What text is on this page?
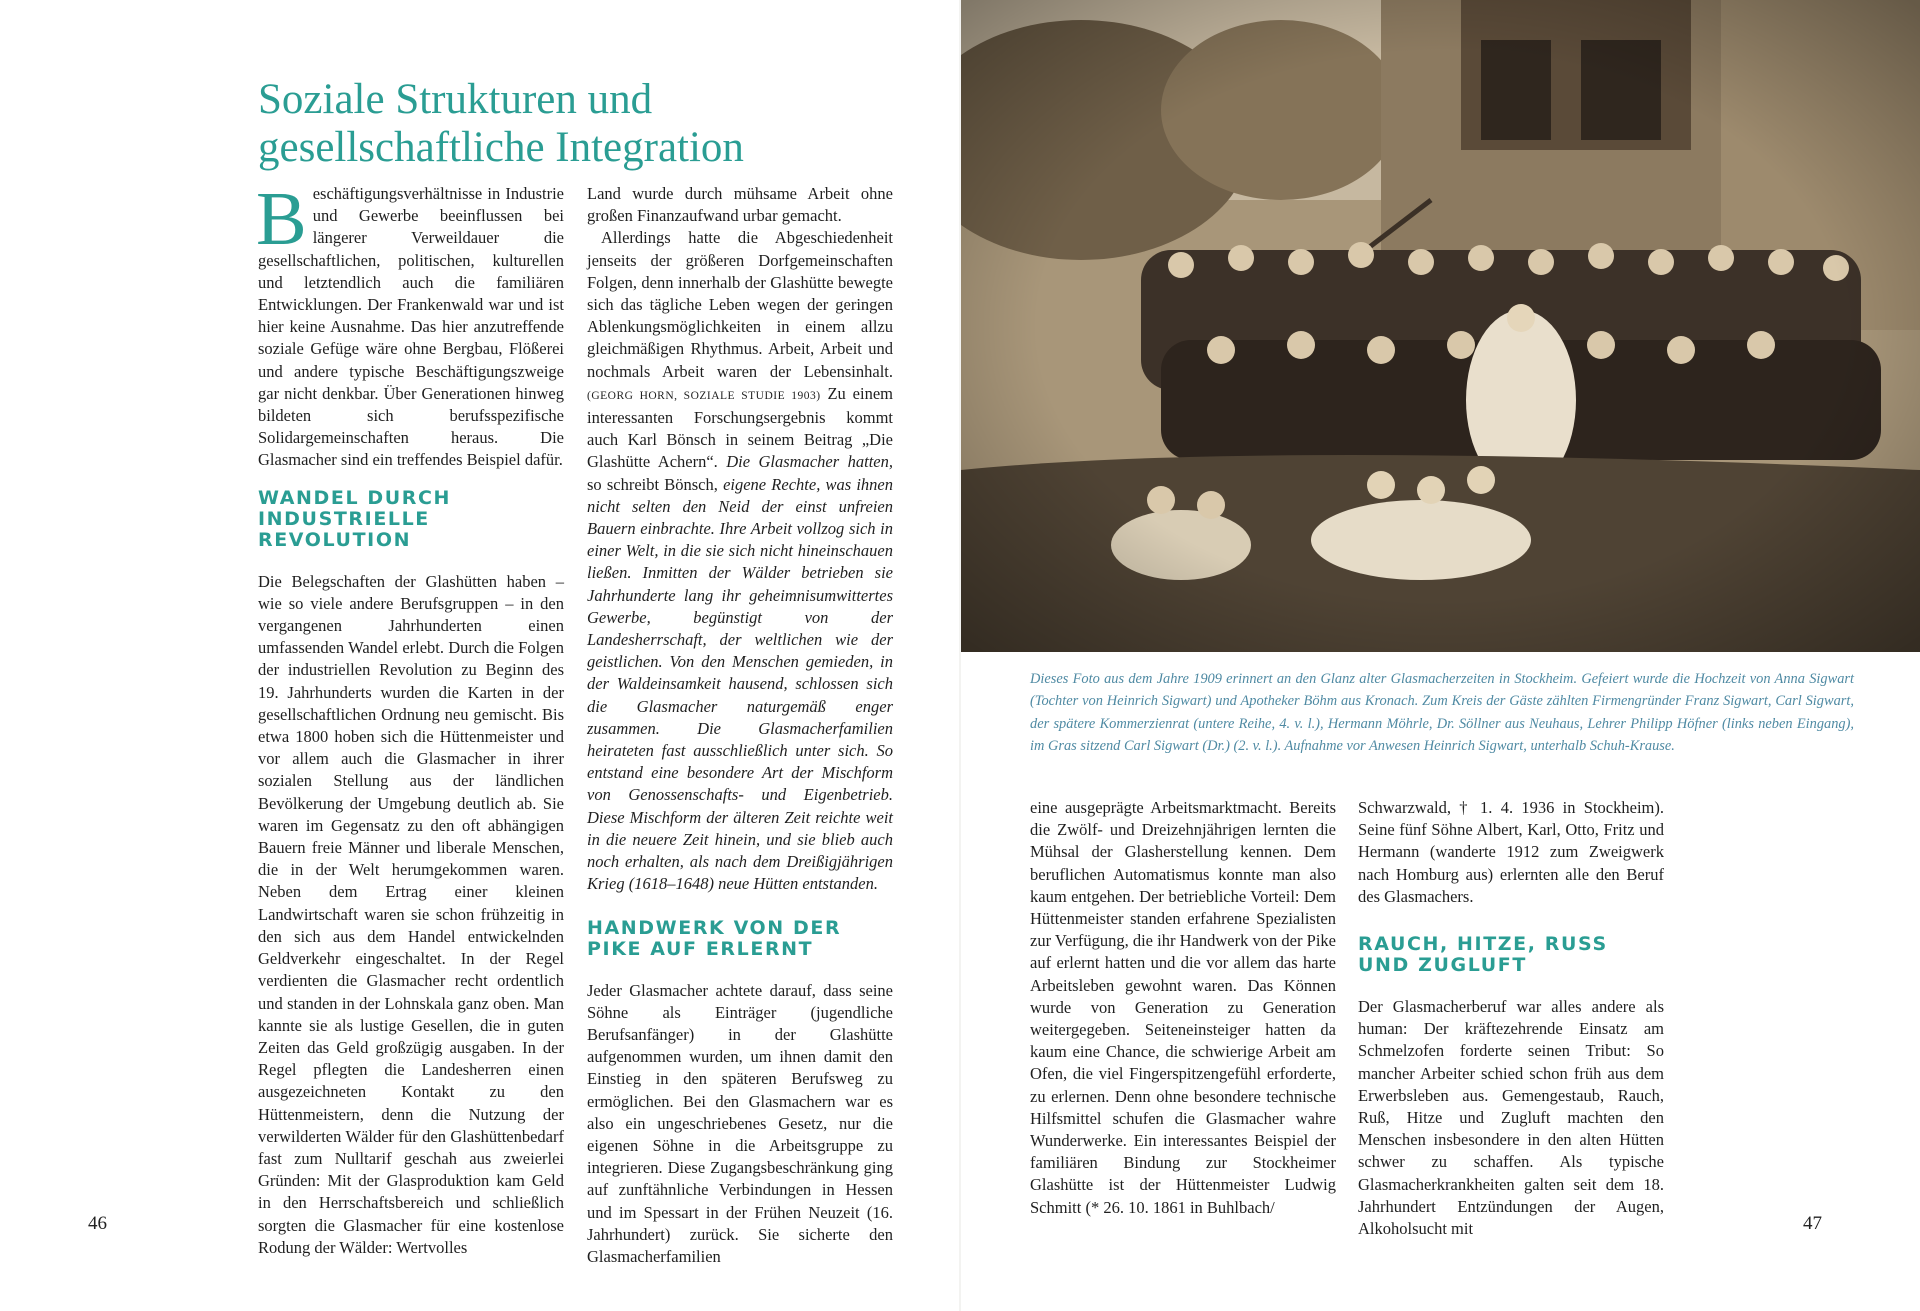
Soziale Strukturen und
gesellschaftliche Integration

Beschäftigungsverhältnisse in Industrie und Gewerbe beeinflussen bei längerer Verweildauer die gesellschaftlichen, politischen, kulturellen und letztendlich auch die familiären Entwicklungen. Der Frankenwald war und ist hier keine Ausnahme. Das hier anzutreffende soziale Gefüge wäre ohne Bergbau, Flößerei und andere typische Beschäftigungszweige gar nicht denkbar. Über Generationen hinweg bildeten sich berufsspezifische Solidargemeinschaften heraus. Die Glasmacher sind ein treffendes Beispiel dafür.

WANDEL DURCH INDUSTRIELLE REVOLUTION

Die Belegschaften der Glashütten haben – wie so viele andere Berufsgruppen – in den vergangenen Jahrhunderten einen umfassenden Wandel erlebt. Durch die Folgen der industriellen Revolution zu Beginn des 19. Jahrhunderts wurden die Karten in der gesellschaftlichen Ordnung neu gemischt. Bis etwa 1800 hoben sich die Hüttenmeister und vor allem auch die Glasmacher in ihrer sozialen Stellung aus der ländlichen Bevölkerung der Umgebung deutlich ab. Sie waren im Gegensatz zu den oft abhängigen Bauern freie Männer und liberale Menschen, die in der Welt herumgekommen waren. Neben dem Ertrag einer kleinen Landwirtschaft waren sie schon frühzeitig in den sich aus dem Handel entwickelnden Geldverkehr eingeschaltet. In der Regel verdienten die Glasmacher recht ordentlich und standen in der Lohnskala ganz oben. Man kannte sie als lustige Gesellen, die in guten Zeiten das Geld großzügig ausgaben. In der Regel pflegten die Landesherren einen ausgezeichneten Kontakt zu den Hüttenmeistern, denn die Nutzung der verwilderten Wälder für den Glashüttenbedarf fast zum Nulltarif geschah aus zweierlei Gründen: Mit der Glasproduktion kam Geld in den Herrschaftsbereich und schließlich sorgten die Glasmacher für eine kostenlose Rodung der Wälder: Wertvolles

Land wurde durch mühsame Arbeit ohne großen Finanzaufwand urbar gemacht.

Allerdings hatte die Abgeschiedenheit jenseits der größeren Dorfgemeinschaften Folgen, denn innerhalb der Glashütte bewegte sich das tägliche Leben wegen der geringen Ablenkungsmöglichkeiten in einem allzu gleichmäßigen Rhythmus. Arbeit, Arbeit und nochmals Arbeit waren der Lebensinhalt. (GEORG HORN, SOZIALE STUDIE 1903) Zu einem interessanten Forschungsergebnis kommt auch Karl Bönsch in seinem Beitrag „Die Glashütte Achern“. Die Glasmacher hatten, so schreibt Bönsch, eigene Rechte, was ihnen nicht selten den Neid der einst unfreien Bauern einbrachte. Ihre Arbeit vollzog sich in einer Welt, in die sie sich nicht hineinschauen ließen. Inmitten der Wälder betrieben sie Jahrhunderte lang ihr geheimnisumwittertes Gewerbe, begünstigt von der Landesherrschaft, der weltlichen wie der geistlichen. Von den Menschen gemieden, in der Waldeinsamkeit hausend, schlossen sich die Glasmacher naturgemäß enger zusammen. Die Glasmacherfamilien heirateten fast ausschließlich unter sich. So entstand eine besondere Art der Mischform von Genossenschafts- und Eigenbetrieb. Diese Mischform der älteren Zeit reichte weit in die neuere Zeit hinein, und sie blieb auch noch erhalten, als nach dem Dreißigjährigen Krieg (1618–1648) neue Hütten entstanden.

HANDWERK VON DER PIKE AUF ERLERNT

Jeder Glasmacher achtete darauf, dass seine Söhne als Einträger (jugendliche Berufsanfänger) in der Glashütte aufgenommen wurden, um ihnen damit den Einstieg in den späteren Berufsweg zu ermöglichen. Bei den Glasmachern war es also ein ungeschriebenes Gesetz, nur die eigenen Söhne in die Arbeitsgruppe zu integrieren. Diese Zugangsbeschränkung ging auf zunftähnliche Verbindungen in Hessen und im Spessart in der Frühen Neuzeit (16. Jahrhundert) zurück. Sie sicherte den Glasmacherfamilien

Dieses Foto aus dem Jahre 1909 erinnert an den Glanz alter Glasmacherzeiten in Stockheim. Gefeiert wurde die Hochzeit von Anna Sigwart (Tochter von Heinrich Sigwart) und Apotheker Böhm aus Kronach. Zum Kreis der Gäste zählten Firmengründer Franz Sigwart, Carl Sigwart, der spätere Kommerzienrat (untere Reihe, 4. v. l.), Hermann Möhrle, Dr. Söllner aus Neuhaus, Lehrer Philipp Höfner (links neben Eingang), im Gras sitzend Carl Sigwart (Dr.) (2. v. l.). Aufnahme vor Anwesen Heinrich Sigwart, unterhalb Schuh-Krause.

eine ausgeprägte Arbeitsmarktmacht. Bereits die Zwölf- und Dreizehnjährigen lernten die Mühsal der Glasherstellung kennen. Dem beruflichen Automatismus konnte man also kaum entgehen. Der betriebliche Vorteil: Dem Hüttenmeister standen erfahrene Spezialisten zur Verfügung, die ihr Handwerk von der Pike auf erlernt hatten und die vor allem das harte Arbeitsleben gewohnt waren. Das Können wurde von Generation zu Generation weitergegeben. Seiteneinsteiger hatten da kaum eine Chance, die schwierige Arbeit am Ofen, die viel Fingerspitzengefühl erforderte, zu erlernen. Denn ohne besondere technische Hilfsmittel schufen die Glasmacher wahre Wunderwerke. Ein interessantes Beispiel der familiären Bindung zur Stockheimer Glashütte ist der Hüttenmeister Ludwig Schmitt (* 26. 10. 1861 in Buhlbach/

Schwarzwald, † 1. 4. 1936 in Stockheim). Seine fünf Söhne Albert, Karl, Otto, Fritz und Hermann (wanderte 1912 zum Zweigwerk nach Homburg aus) erlernten alle den Beruf des Glasmachers.

RAUCH, HITZE, RUSS UND ZUGLUFT

Der Glasmacherberuf war alles andere als human: Der kräftezehrende Einsatz am Schmelzofen forderte seinen Tribut: So mancher Arbeiter schied schon früh aus dem Erwerbsleben aus. Gemengestaub, Rauch, Ruß, Hitze und Zugluft machten den Menschen insbesondere in den alten Hütten schwer zu schaffen. Als typische Glasmacherkrankheiten galten seit dem 18. Jahrhundert Entzündungen der Augen, Alkoholsucht mit

46	47
